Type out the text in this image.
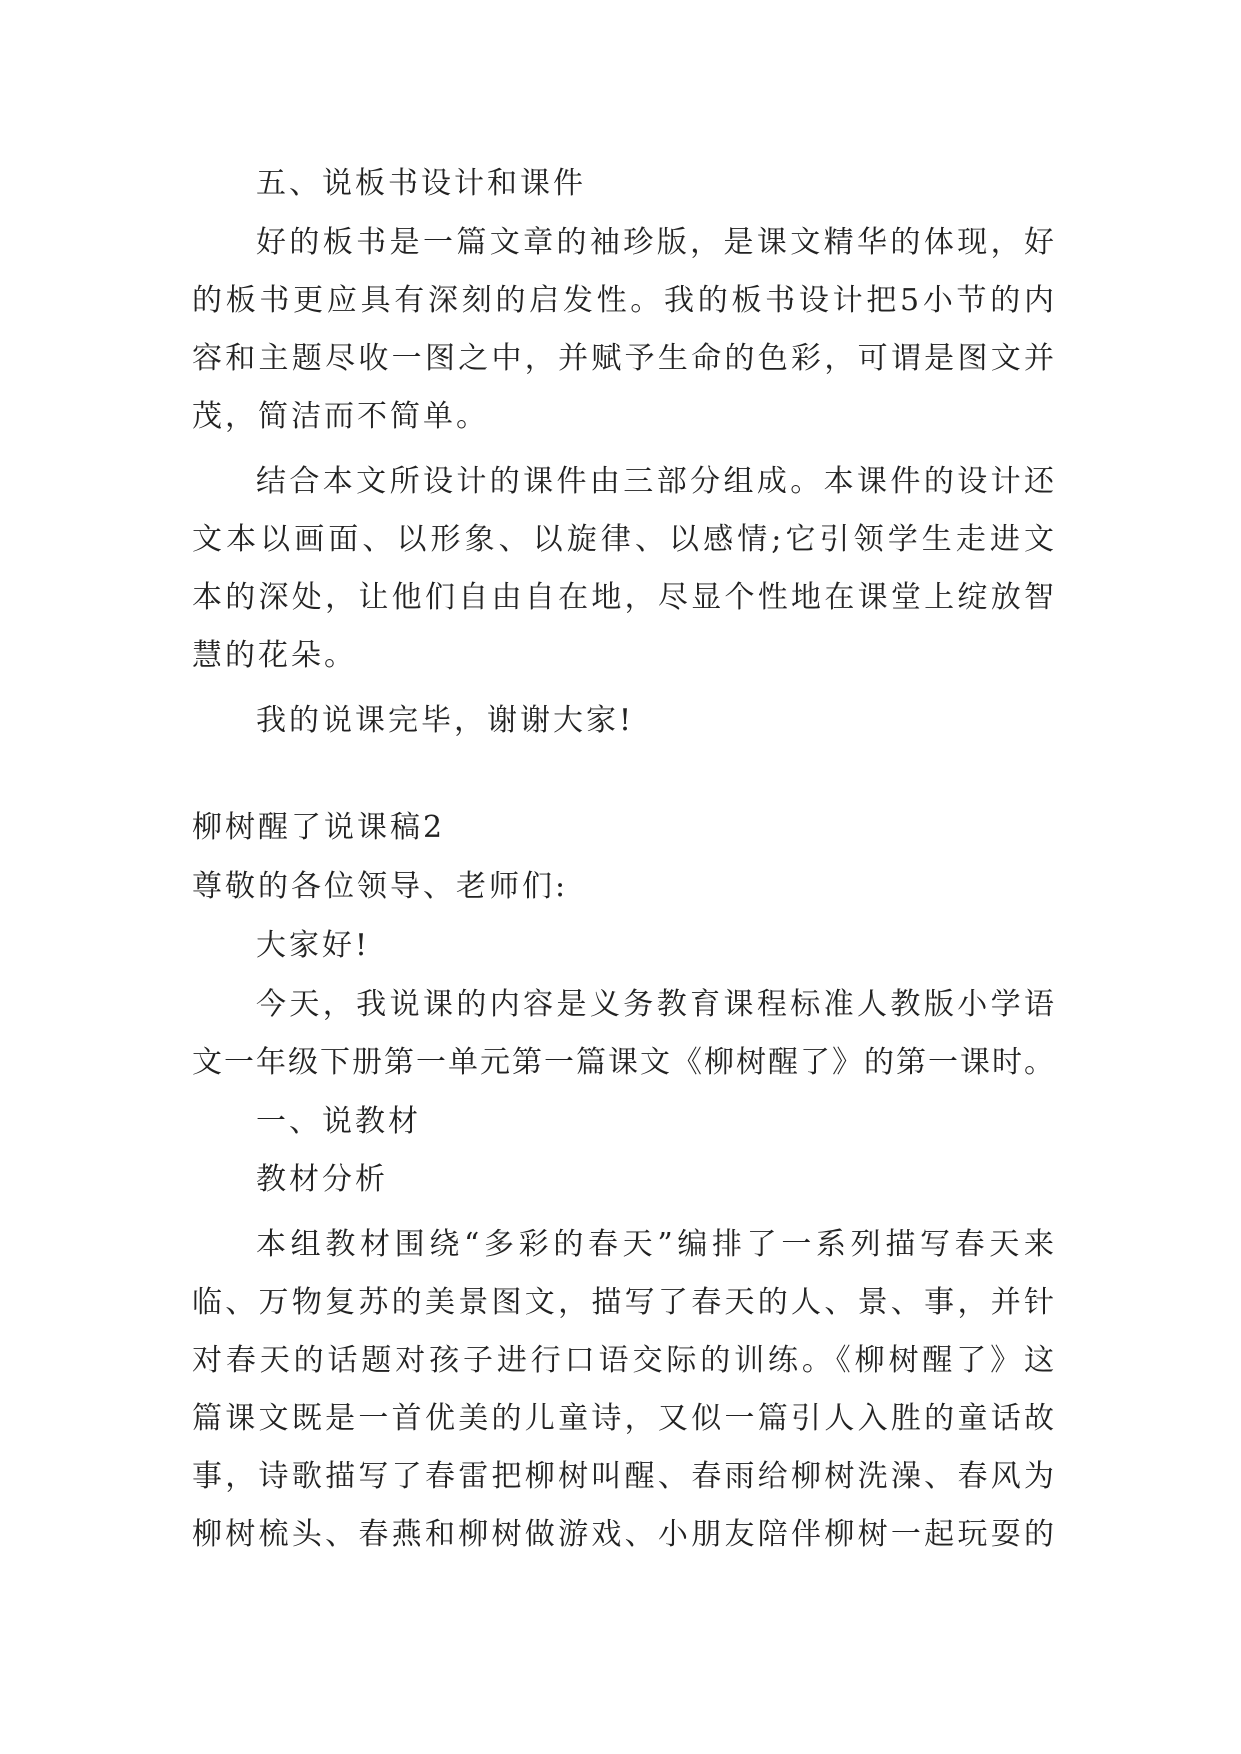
五、说板书设计和课件
好的板书是一篇文章的袖珍版，是课文精华的体现，好
的板书更应具有深刻的启发性。我的板书设计把5小节的内
容和主题尽收一图之中，并赋予生命的色彩，可谓是图文并
茂，简洁而不简单。
结合本文所设计的课件由三部分组成。本课件的设计还
文本以画面、以形象、以旋律、以感情;它引领学生走进文
本的深处，让他们自由自在地，尽显个性地在课堂上绽放智
慧的花朵。
我的说课完毕，谢谢大家!
柳树醒了说课稿2
尊敬的各位领导、老师们:
大家好!
今天，我说课的内容是义务教育课程标准人教版小学语
文一年级下册第一单元第一篇课文《柳树醒了》的第一课时。
一、说教材
教材分析
本组教材围绕“多彩的春天”编排了一系列描写春天来
临、万物复苏的美景图文，描写了春天的人、景、事，并针
对春天的话题对孩子进行口语交际的训练。《柳树醒了》这
篇课文既是一首优美的儿童诗，又似一篇引人入胜的童话故
事，诗歌描写了春雷把柳树叫醒、春雨给柳树洗澡、春风为
柳树梳头、春燕和柳树做游戏、小朋友陪伴柳树一起玩耍的
